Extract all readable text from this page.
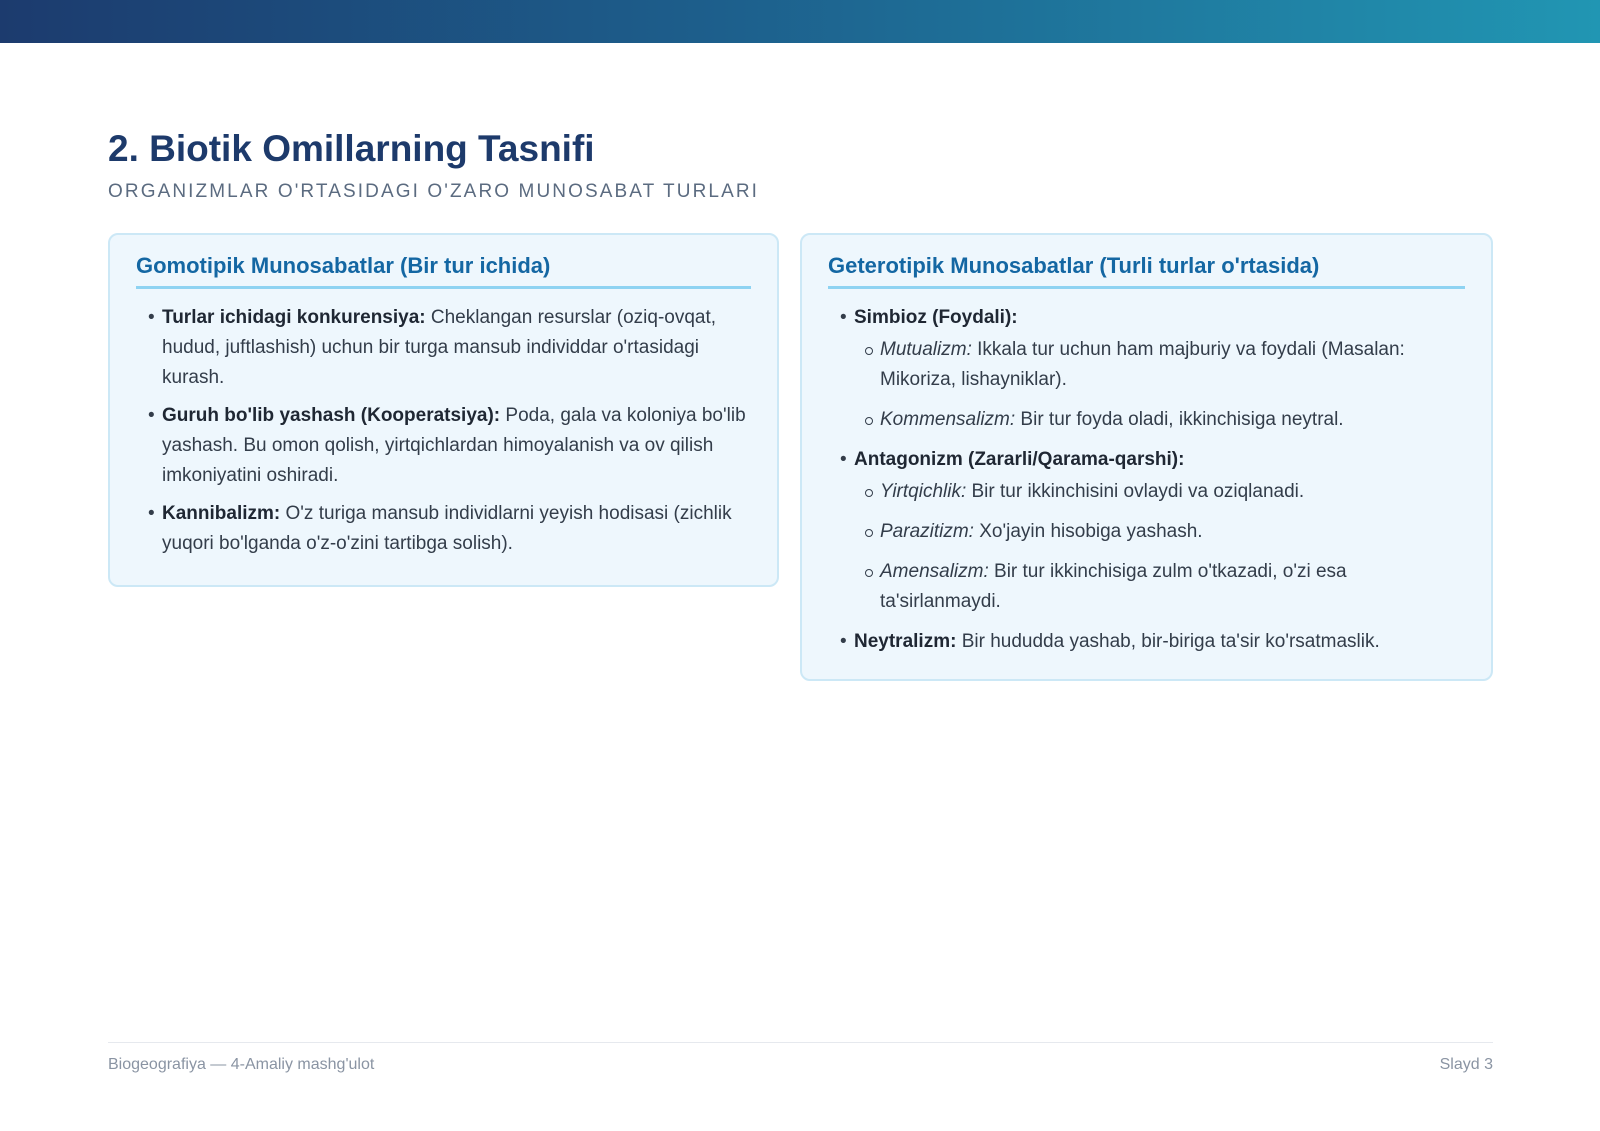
2. Biotik Omillarning Tasnifi

ORGANIZMLAR O'RTASIDAGI O'ZARO MUNOSABAT TURLARI

Gomotipik Munosabatlar (Bir tur ichida)
• Turlar ichidagi konkurensiya: Cheklangan resurslar (oziq-ovqat, hudud, juftlashish) uchun bir turga mansub individdar o'rtasidagi kurash.
• Guruh bo'lib yashash (Kooperatsiya): Poda, gala va koloniya bo'lib yashash. Bu omon qolish, yirtqichlardan himoyalanish va ov qilish imkoniyatini oshiradi.
• Kannibalizm: O'z turiga mansub individlarni yeyish hodisasi (zichlik yuqori bo'lganda o'z-o'zini tartibga solish).
Geterotipik Munosabatlar (Turli turlar o'rtasida)
• Simbioz (Foydali):
Mutualizm: Ikkala tur uchun ham majburiy va foydali (Masalan: Mikoriza, lishayniklar).
Kommensalizm: Bir tur foyda oladi, ikkinchisiga neytral.
• Antagonizm (Zararli/Qarama-qarshi):
Yirtqichlik: Bir tur ikkinchisini ovlaydi va oziqlanadi.
Parazitizm: Xo'jayin hisobiga yashash.
Amensalizm: Bir tur ikkinchisiga zulm o'tkazadi, o'zi esa ta'sirlanmaydi.
• Neytralizm: Bir hududda yashab, bir-biriga ta'sir ko'rsatmaslik.
Biogeografiya — 4-Amaliy mashg'ulot	Slayd 3
